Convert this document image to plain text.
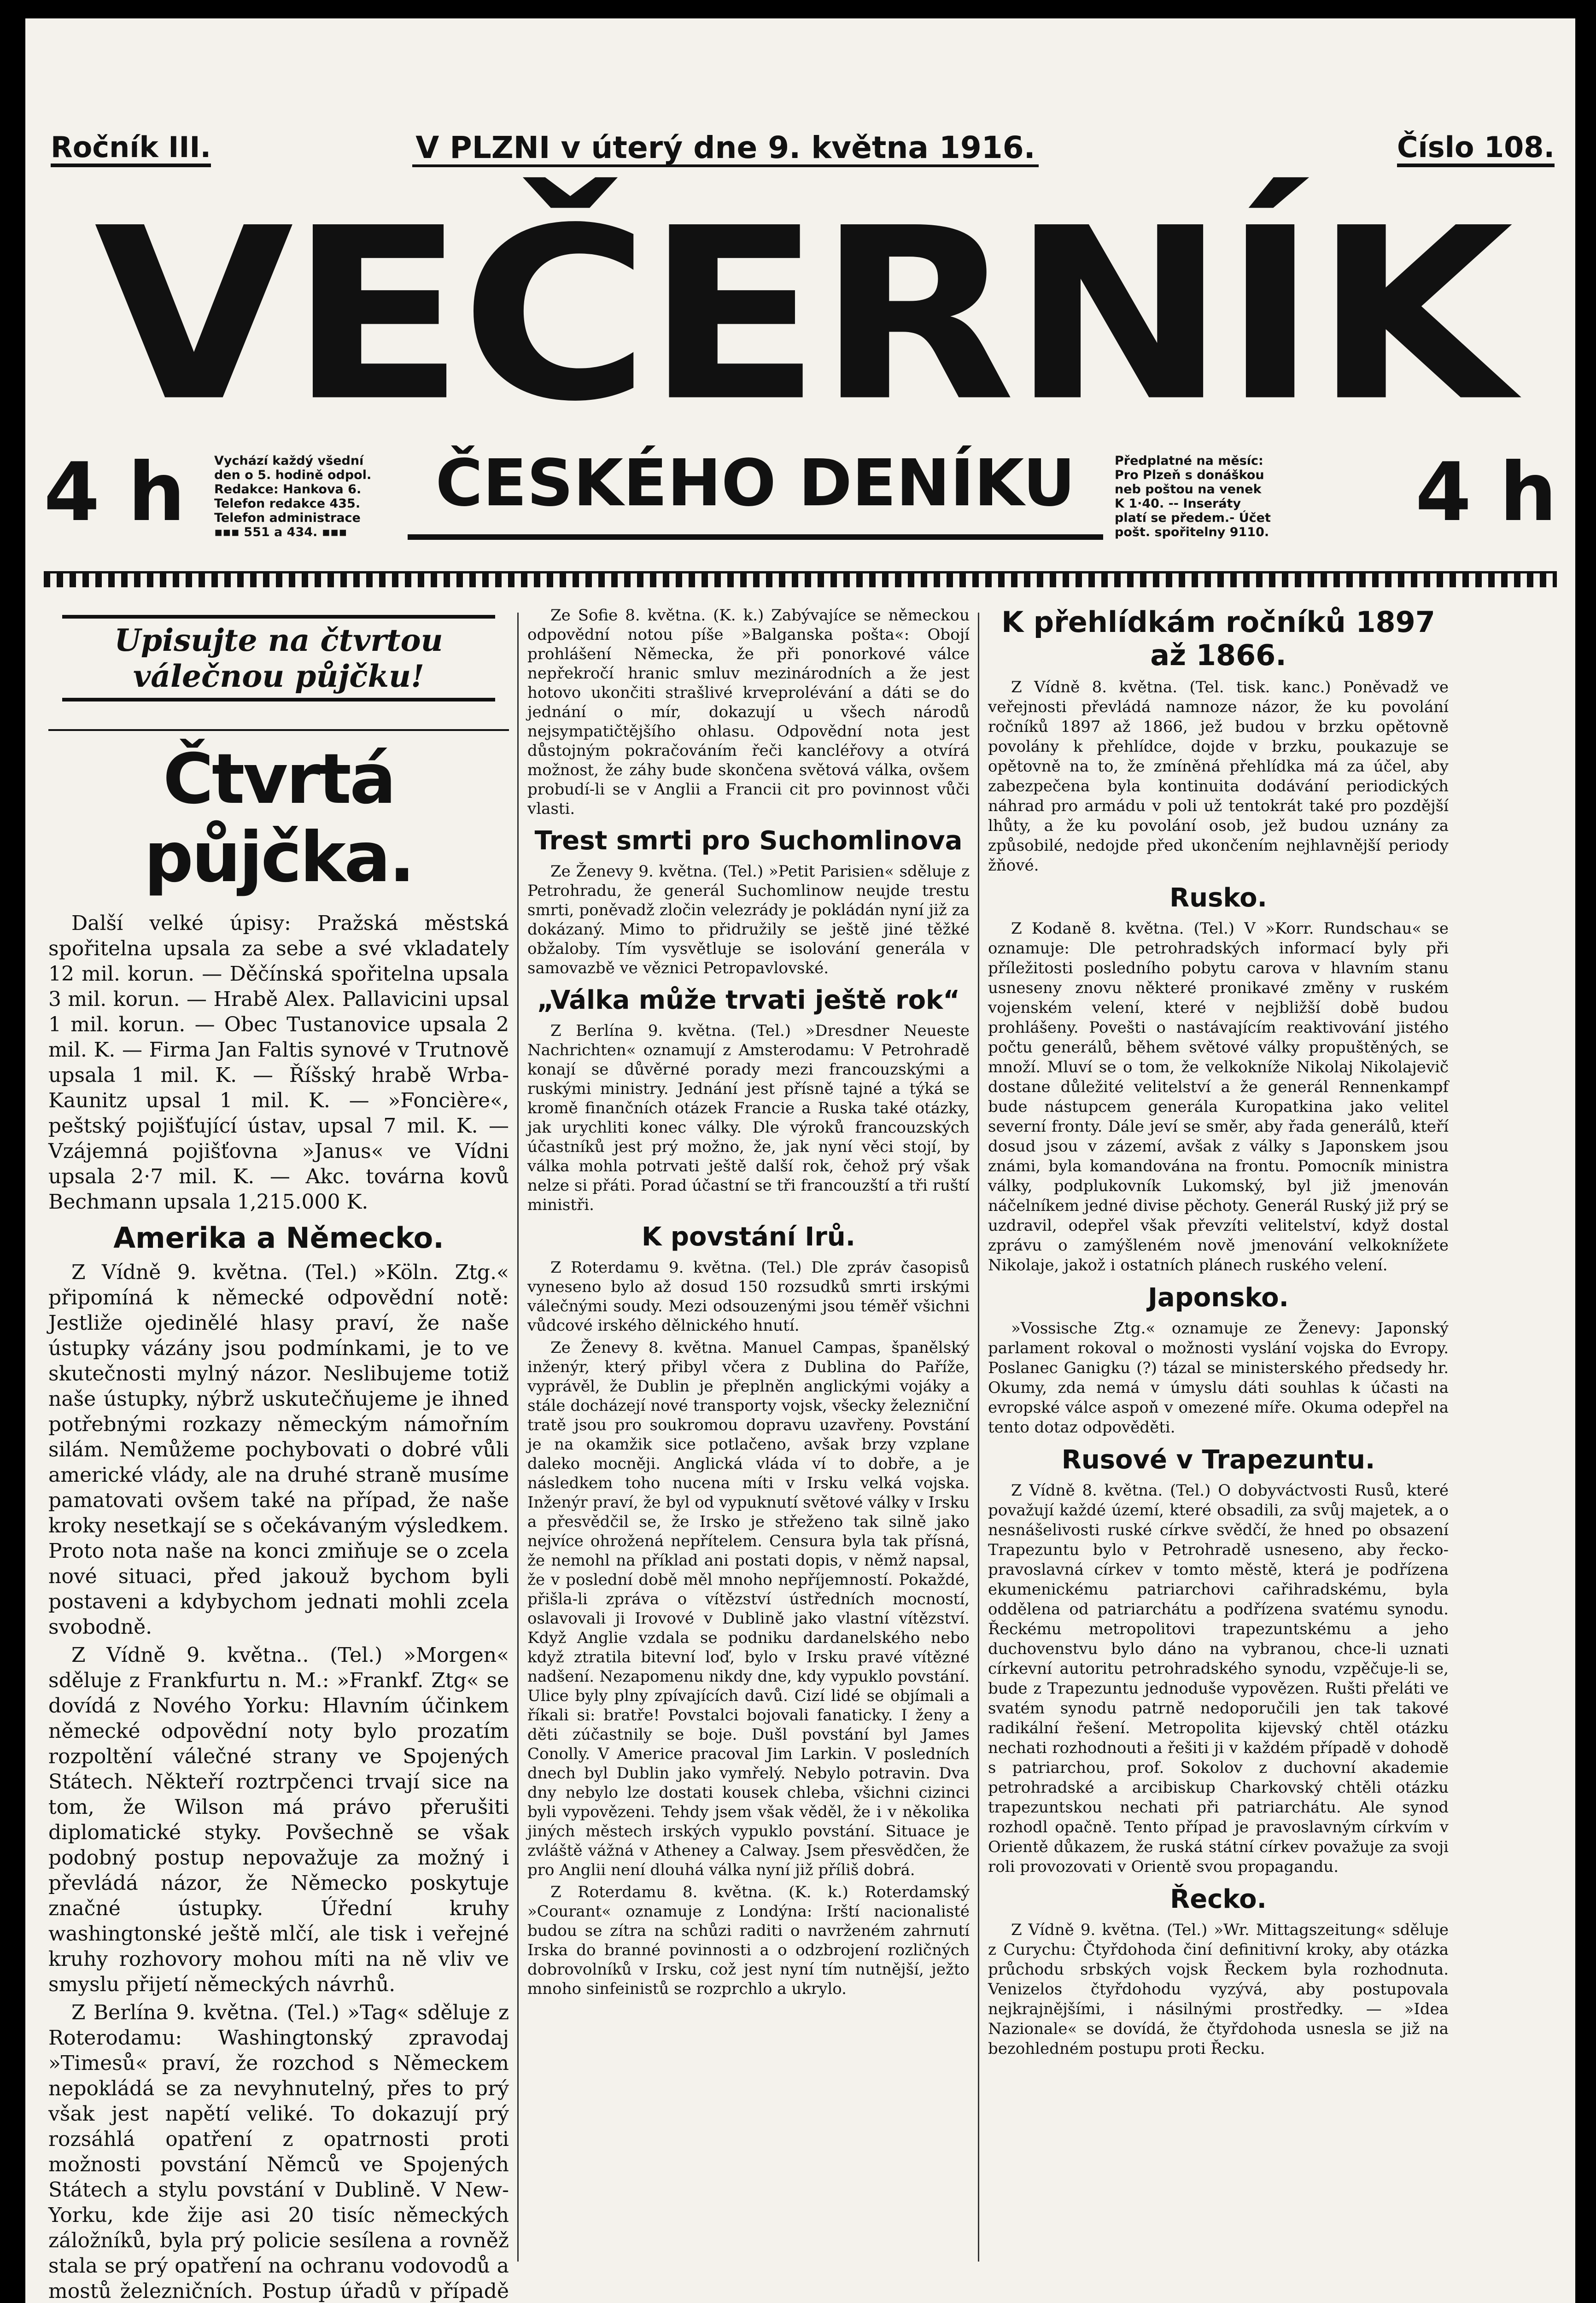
Ročník III.	V PLZNI v úterý dne 9. května 1916.	Číslo 108.
VEČERNÍK
4 h Vychází každý všední
den o 5. hodině odpol.
Redakce: Hankova 6.
Telefon redakce 435.
Telefon administrace
▪▪▪ 551 a 434. ▪▪▪
ČESKÉHO DENÍKU	Předplatné na měsíc:
Pro Plzeň s donáškou
neb poštou na venek
K 1·40. -- Inseráty
platí se předem.- Účet
pošt. spořitelny 9110. 4 h
Upisujte na čtvrtou válečnou půjčku!
Čtvrtá půjčka.

Další velké úpisy: Pražská městská spořitelna upsala za sebe a své vkladately 12 mil. korun. — Děčínská spořitelna upsala 3 mil. korun. — Hrabě Alex. Pallavicini upsal 1 mil. korun. — Obec Tustanovice upsala 2 mil. K. — Firma Jan Faltis synové v Trutnově upsala 1 mil. K. — Říšský hrabě Wrba-Kaunitz upsal 1 mil. K. — »Foncière«, peštský pojišťující ústav, upsal 7 mil. K. — Vzájemná pojišťovna »Janus« ve Vídni upsala 2·7 mil. K. — Akc. továrna kovů Bechmann upsala 1,215.000 K.

Amerika a Německo.

Z Vídně 9. května. (Tel.) »Köln. Ztg.« připomíná k německé odpovědní notě: Jestliže ojedinělé hlasy praví, že naše ústupky vázány jsou podmínkami, je to ve skutečnosti mylný názor. Neslibujeme totiž naše ústupky, nýbrž uskutečňujeme je ihned potřebnými rozkazy německým námořním silám. Nemůžeme pochybovati o dobré vůli americké vlády, ale na druhé straně musíme pamatovati ovšem také na případ, že naše kroky nesetkají se s očekávaným výsledkem. Proto nota naše na konci zmiňuje se o zcela nové situaci, před jakouž bychom byli postaveni a kdybychom jednati mohli zcela svobodně.

Z Vídně 9. května.. (Tel.) »Morgen« sděluje z Frankfurtu n. M.: »Frankf. Ztg« se dovídá z Nového Yorku: Hlavním účinkem německé odpovědní noty bylo prozatím rozpoltění válečné strany ve Spojených Státech. Někteří roztrpčenci trvají sice na tom, že Wilson má právo přerušiti diplomatické styky. Povšechně se však podobný postup nepovažuje za možný i převládá názor, že Německo poskytuje značné ústupky. Úřední kruhy washingtonské ještě mlčí, ale tisk i veřejné kruhy rozhovory mohou míti na ně vliv ve smyslu přijetí německých návrhů.

Z Berlína 9. května. (Tel.) »Tag« sděluje z Roterodamu: Washingtonský zpravodaj »Timesů« praví, že rozchod s Německem nepokládá se za nevyhnutelný, přes to prý však jest napětí veliké. To dokazují prý rozsáhlá opatření z opatrnosti proti možnosti povstání Němců ve Spojených Státech a stylu povstání v Dublině. V New-Yorku, kde žije asi 20 tisíc německých záložníků, byla prý policie sesílena a rovněž stala se prý opatření na ochranu vodovodů a mostů železničních. Postup úřadů v případě

Ze Sofie 8. května. (K. k.) Zabývajíce se německou odpovědní notou píše »Balganska pošta«: Obojí prohlášení Německa, že při ponorkové válce nepřekročí hranic smluv mezinárodních a že jest hotovo ukončiti strašlivé krveprolévání a dáti se do jednání o mír, dokazují u všech národů nejsympatičtějšího ohlasu. Odpovědní nota jest důstojným pokračováním řeči kancléřovy a otvírá možnost, že záhy bude skončena světová válka, ovšem probudí-li se v Anglii a Francii cit pro povinnost vůči vlasti.

Trest smrti pro Suchomlinova

Ze Ženevy 9. května. (Tel.) »Petit Parisien« sděluje z Petrohradu, že generál Suchomlinow neujde trestu smrti, poněvadž zločin velezrády je pokládán nyní již za dokázaný. Mimo to přidružily se ještě jiné těžké obžaloby. Tím vysvětluje se isolování generála v samovazbě ve věznici Petropavlovské.

„Válka může trvati ještě rok“

Z Berlína 9. května. (Tel.) »Dresdner Neueste Nachrichten« oznamují z Amsterodamu: V Petrohradě konají se důvěrné porady mezi francouzskými a ruskými ministry. Jednání jest přísně tajné a týká se kromě finančních otázek Francie a Ruska také otázky, jak urychliti konec války. Dle výroků francouzských účastníků jest prý možno, že, jak nyní věci stojí, by válka mohla potrvati ještě další rok, čehož prý však nelze si přáti. Porad účastní se tři francouzští a tři ruští ministři.

K povstání Irů.

Z Roterdamu 9. května. (Tel.) Dle zpráv časopisů vyneseno bylo až dosud 150 rozsudků smrti irskými válečnými soudy. Mezi odsouzenými jsou téměř všichni vůdcové irského dělnického hnutí.

Ze Ženevy 8. května. Manuel Campas, španělský inženýr, který přibyl včera z Dublina do Paříže, vyprávěl, že Dublin je přeplněn anglickými vojáky a stále docházejí nové transporty vojsk, všecky železniční tratě jsou pro soukromou dopravu uzavřeny. Povstání je na okamžik sice potlačeno, avšak brzy vzplane daleko mocněji. Anglická vláda ví to dobře, a je následkem toho nucena míti v Irsku velká vojska. Inženýr praví, že byl od vypuknutí světové války v Irsku a přesvědčil se, že Irsko je střeženo tak silně jako nejvíce ohrožená nepřítelem. Censura byla tak přísná, že nemohl na příklad ani postati dopis, v němž napsal, že v poslední době měl mnoho nepříjemností. Pokaždé, přišla-li zpráva o vítězství ústředních mocností, oslavovali ji Irovové v Dublině jako vlastní vítězství. Když Anglie vzdala se podniku dardanelského nebo když ztratila bitevní loď, bylo v Irsku pravé vítězné nadšení. Nezapomenu nikdy dne, kdy vypuklo povstání. Ulice byly plny zpívajících davů. Cizí lidé se objímali a říkali si: bratře! Povstalci bojovali fanaticky. I ženy a děti zúčastnily se boje. Dušl povstání byl James Conolly. V Americe pracoval Jim Larkin. V posledních dnech byl Dublin jako vymřelý. Nebylo potravin. Dva dny nebylo lze dostati kousek chleba, všichni cizinci byli vypovězeni. Tehdy jsem však věděl, že i v několika jiných městech irských vypuklo povstání. Situace je zvláště vážná v Atheney a Calway. Jsem přesvědčen, že pro Anglii není dlouhá válka nyní již příliš dobrá.

Z Roterdamu 8. května. (K. k.) Roterdamský »Courant« oznamuje z Londýna: Irští nacionalisté budou se zítra na schůzi raditi o navrženém zahrnutí Irska do branné povinnosti a o odzbrojení rozličných dobrovolníků v Irsku, což jest nyní tím nutnější, ježto mnoho sinfeinistů se rozprchlo a ukrylo.

K přehlídkám ročníků 1897 až 1866.

Z Vídně 8. května. (Tel. tisk. kanc.) Poněvadž ve veřejnosti převládá namnoze názor, že ku povolání ročníků 1897 až 1866, jež budou v brzku opětovně povolány k přehlídce, dojde v brzku, poukazuje se opětovně na to, že zmíněná přehlídka má za účel, aby zabezpečena byla kontinuita dodávání periodických náhrad pro armádu v poli už tentokrát také pro pozdější lhůty, a že ku povolání osob, jež budou uznány za způsobilé, nedojde před ukončením nejhlavnější periody žňové.

Rusko.

Z Kodaně 8. května. (Tel.) V »Korr. Rundschau« se oznamuje: Dle petrohradských informací byly při příležitosti posledního pobytu carova v hlavním stanu usneseny znovu některé pronikavé změny v ruském vojenském velení, které v nejbližší době budou prohlášeny. Povešti o nastávajícím reaktivování jistého počtu generálů, během světové války propuštěných, se množí. Mluví se o tom, že velkokníže Nikolaj Nikolajevič dostane důležité velitelství a že generál Rennenkampf bude nástupcem generála Kuropatkina jako velitel severní fronty. Dále jeví se směr, aby řada generálů, kteří dosud jsou v zázemí, avšak z války s Japonskem jsou známi, byla komandována na frontu. Pomocník ministra války, podplukovník Lukomský, byl již jmenován náčelníkem jedné divise pěchoty. Generál Ruský již prý se uzdravil, odepřel však převzíti velitelství, když dostal zprávu o zamýšleném nově jmenování velkoknížete Nikolaje, jakož i ostatních plánech ruského velení.

Japonsko.

»Vossische Ztg.« oznamuje ze Ženevy: Japonský parlament rokoval o možnosti vyslání vojska do Evropy. Poslanec Ganigku (?) tázal se ministerského předsedy hr. Okumy, zda nemá v úmyslu dáti souhlas k účasti na evropské válce aspoň v omezené míře. Okuma odepřel na tento dotaz odpověděti.

Rusové v Trapezuntu.

Z Vídně 8. května. (Tel.) O dobyváctvosti Rusů, které považují každé území, které obsadili, za svůj majetek, a o nesnášelivosti ruské církve svědčí, že hned po obsazení Trapezuntu bylo v Petrohradě usneseno, aby řecko-pravoslavná církev v tomto městě, která je podřízena ekumenickému patriarchovi cařihradskému, byla oddělena od patriarchátu a podřízena svatému synodu. Řeckému metropolitovi trapezuntskému a jeho duchovenstvu bylo dáno na vybranou, chce-li uznati církevní autoritu petrohradského synodu, vzpěčuje-li se, bude z Trapezuntu jednoduše vypovězen. Rušti přeláti ve svatém synodu patrně nedoporučili jen tak takové radikální řešení. Metropolita kijevský chtěl otázku nechati rozhodnouti a řešiti ji v každém případě v dohodě s patriarchou, prof. Sokolov z duchovní akademie petrohradské a arcibiskup Charkovský chtěli otázku trapezuntskou nechati při patriarchátu. Ale synod rozhodl opačně. Tento případ je pravoslavným církvím v Orientě důkazem, že ruská státní církev považuje za svoji roli provozovati v Orientě svou propagandu.

Řecko.

Z Vídně 9. května. (Tel.) »Wr. Mittagszeitung« sděluje z Curychu: Čtyřdohoda činí definitivní kroky, aby otázka průchodu srbských vojsk Řeckem byla rozhodnuta. Venizelos čtyřdohodu vyzývá, aby postupovala nejkrajnějšími, i násilnými prostředky. — »Idea Nazionale« se dovídá, že čtyřdohoda usnesla se již na bezohledném postupu proti Řecku.
